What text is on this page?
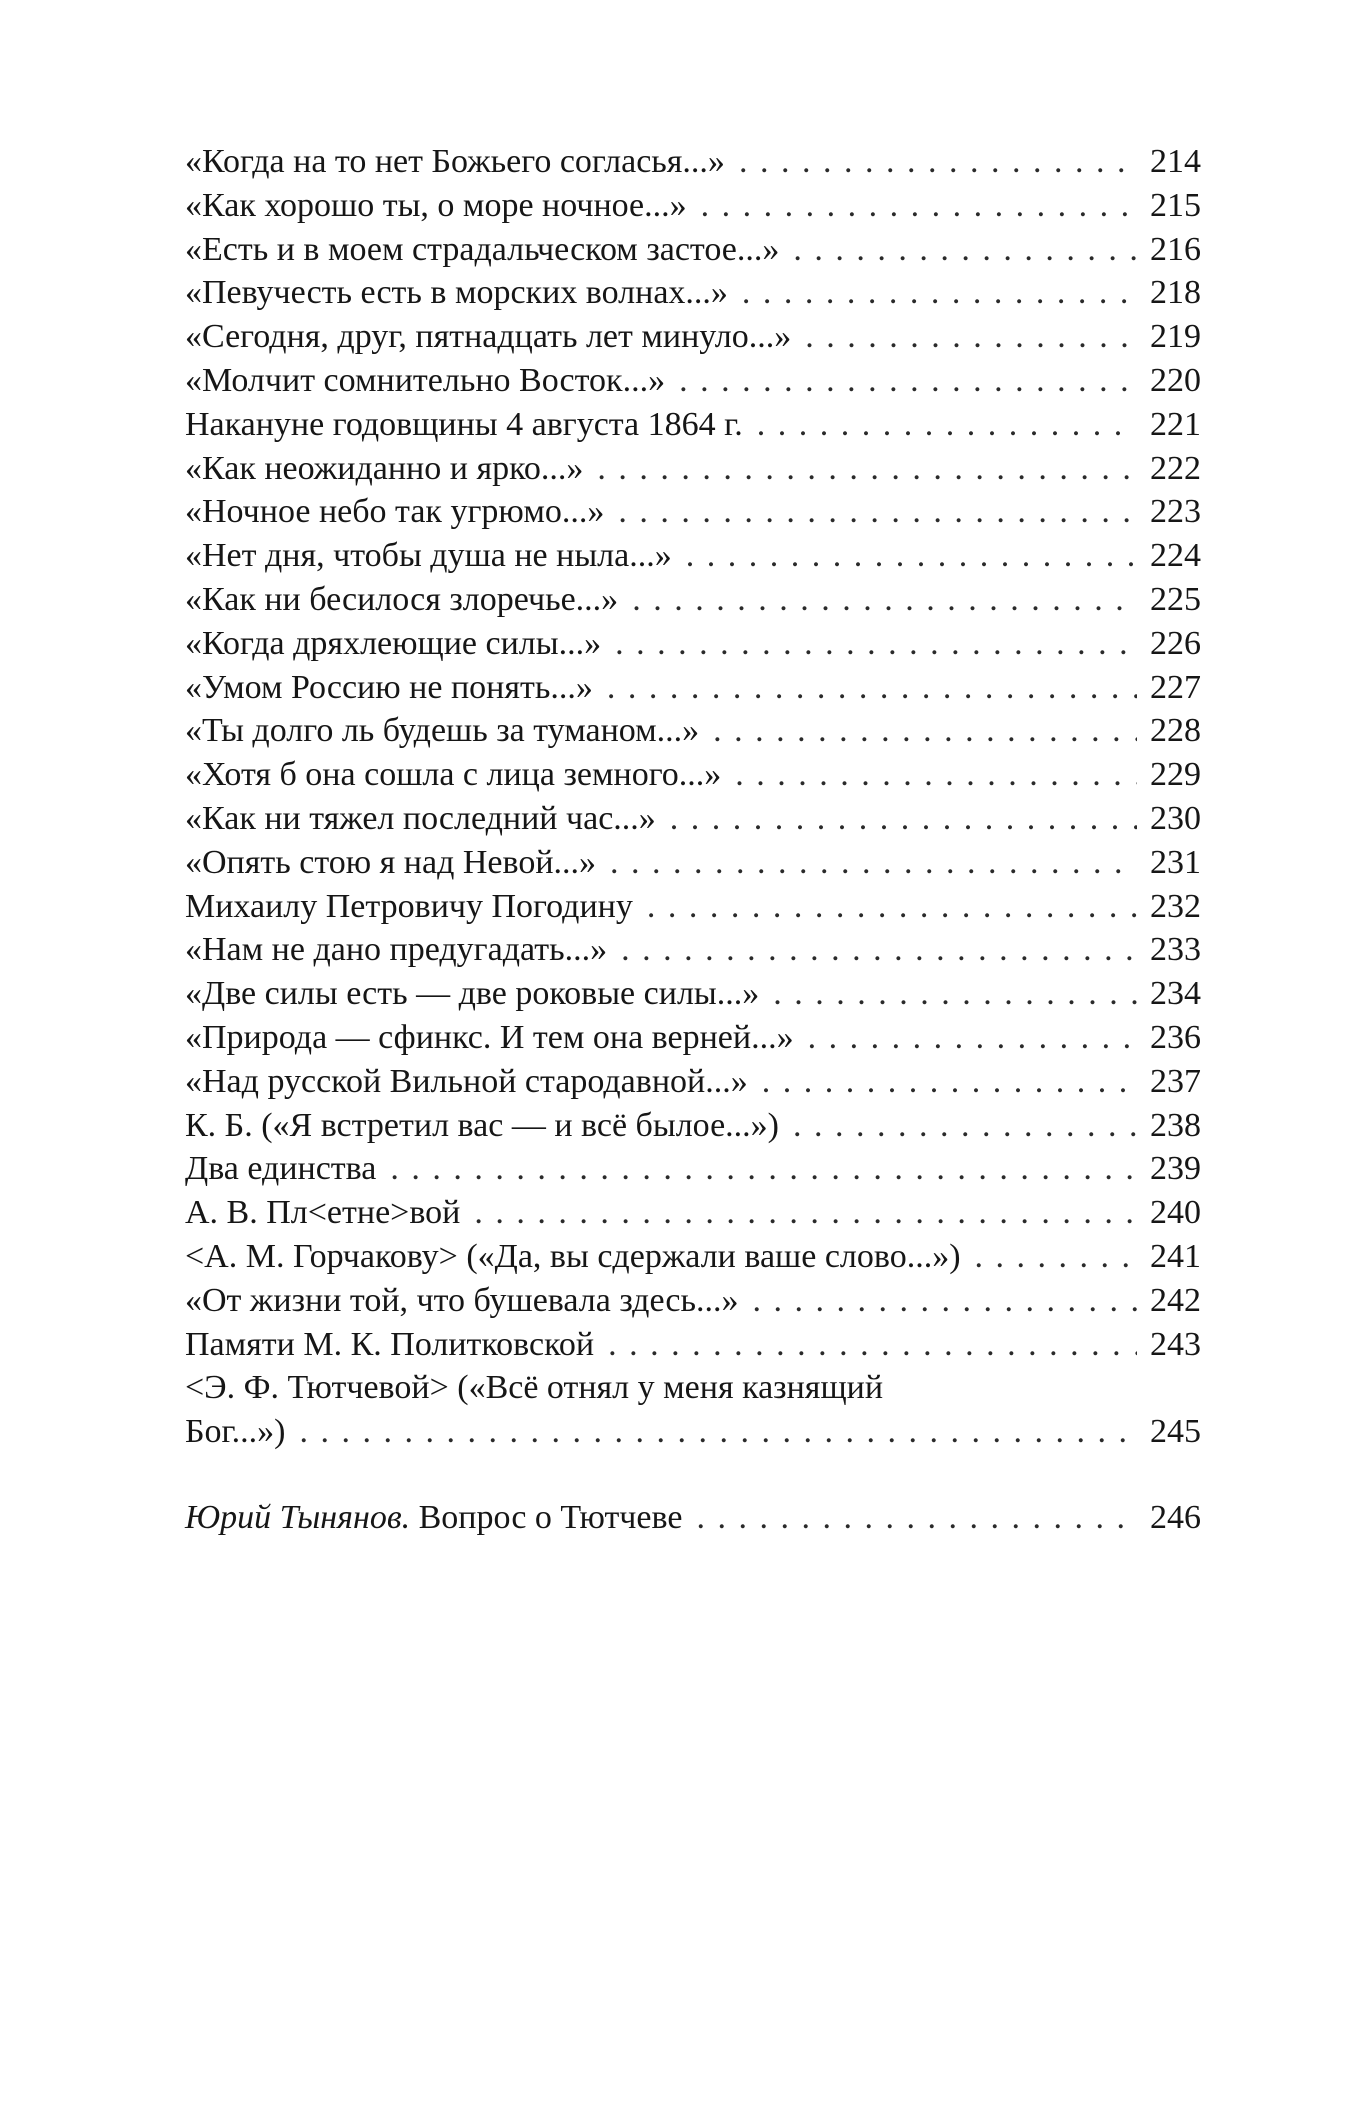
«Когда на то нет Божьего согласья...» . . .	214
«Как хорошо ты, о море ночное...» . . .	215
«Есть и в моем страдальческом застое...» . . .	216
«Певучесть есть в морских волнах...» . . .	218
«Сегодня, друг, пятнадцать лет минуло...» . . .	219
«Молчит сомнительно Восток...» . . .	220
Накануне годовщины 4 августа 1864 г. . . .	221
«Как неожиданно и ярко...» . . .	222
«Ночное небо так угрюмо...» . . .	223
«Нет дня, чтобы душа не ныла...» . . .	224
«Как ни бесилося злоречье...» . . .	225
«Когда дряхлеющие силы...» . . .	226
«Умом Россию не понять...» . . .	227
«Ты долго ль будешь за туманом...» . . .	228
«Хотя б она сошла с лица земного...» . . .	229
«Как ни тяжел последний час...» . . .	230
«Опять стою я над Невой...» . . .	231
Михаилу Петровичу Погодину . . .	232
«Нам не дано предугадать...» . . .	233
«Две силы есть — две роковые силы...» . . .	234
«Природа — сфинкс. И тем она верней...» . . .	236
«Над русской Вильной стародавной...» . . .	237
К. Б. («Я встретил вас — и всё былое...») . . .	238
Два единства . . .	239
А. В. Пл<етне>вой . . .	240
<А. М. Горчакову> («Да, вы сдержали ваше слово...») . . .	241
«От жизни той, что бушевала здесь...» . . .	242
Памяти М. К. Политковской . . .	243
<Э. Ф. Тютчевой> («Всё отнял у меня казнящий
Бог...») . . .	245
Юрий Тынянов. Вопрос о Тютчеве . . .	246
